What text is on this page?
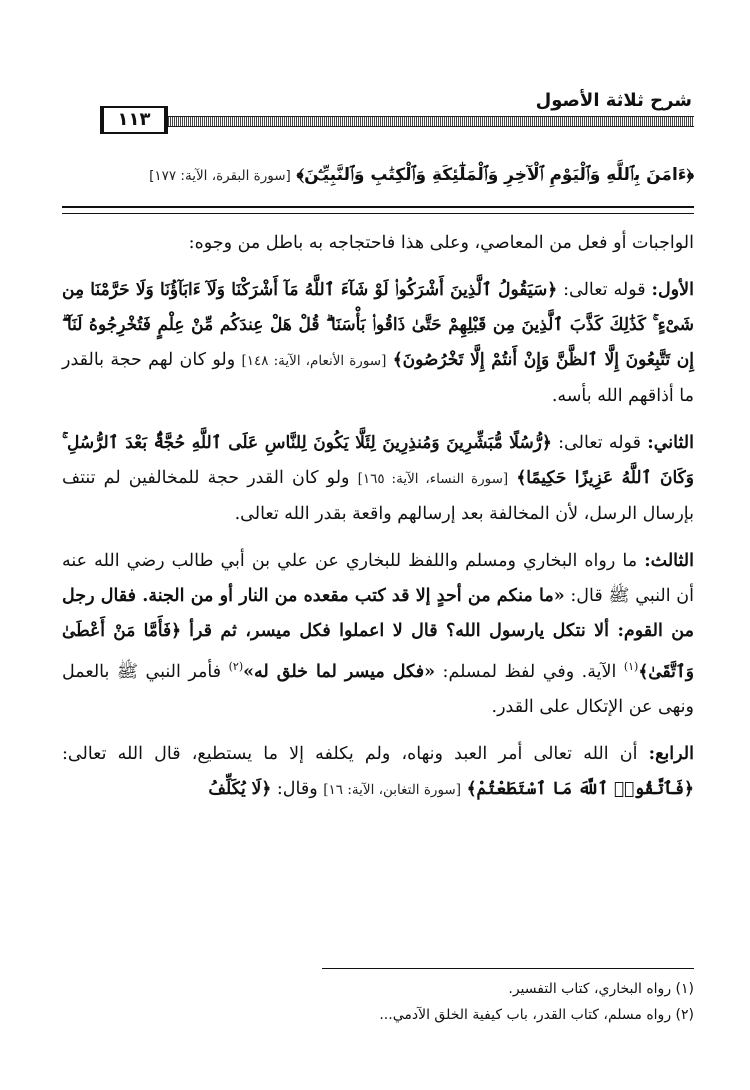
شرح ثلاثة الأصول
١١٣
﴿ءَامَنَ بِٱللَّهِ وَٱلْيَوْمِ ٱلْآخِرِ وَٱلْمَلَٰٓئِكَةِ وَٱلْكِتَٰبِ وَٱلنَّبِيِّـۧنَ﴾ [سورة البقرة، الآية: ١٧٧]

الواجبات أو فعل من المعاصي، وعلى هذا فاحتجاجه به باطل من وجوه:

الأول: قوله تعالى: ﴿سَيَقُولُ ٱلَّذِينَ أَشْرَكُوا۟ لَوْ شَآءَ ٱللَّهُ مَآ أَشْرَكْنَا وَلَآ ءَابَآؤُنَا وَلَا حَرَّمْنَا مِن شَىْءٍ ۚ كَذَٰلِكَ كَذَّبَ ٱلَّذِينَ مِن قَبْلِهِمْ حَتَّىٰ ذَاقُوا۟ بَأْسَنَا ۗ قُلْ هَلْ عِندَكُم مِّنْ عِلْمٍ فَتُخْرِجُوهُ لَنَآ ۖ إِن تَتَّبِعُونَ إِلَّا ٱلظَّنَّ وَإِنْ أَنتُمْ إِلَّا تَخْرُصُونَ﴾ [سورة الأنعام، الآية: ١٤٨] ولو كان لهم حجة بالقدر ما أذاقهم الله بأسه.

الثاني: قوله تعالى: ﴿رُّسُلًا مُّبَشِّرِينَ وَمُنذِرِينَ لِئَلَّا يَكُونَ لِلنَّاسِ عَلَى ٱللَّهِ حُجَّةٌۢ بَعْدَ ٱلرُّسُلِ ۚ وَكَانَ ٱللَّهُ عَزِيزًا حَكِيمًا﴾ [سورة النساء، الآية: ١٦٥] ولو كان القدر حجة للمخالفين لم تنتف بإرسال الرسل، لأن المخالفة بعد إرسالهم واقعة بقدر الله تعالى.

الثالث: ما رواه البخاري ومسلم واللفظ للبخاري عن علي بن أبي طالب رضي الله عنه أن النبي ﷺ قال: «ما منكم من أحدٍ إلا قد كتب مقعده من النار أو من الجنة. فقال رجل من القوم: ألا نتكل يارسول الله؟ قال لا اعملوا فكل ميسر، ثم قرأ ﴿فَأَمَّا مَنْ أَعْطَىٰ وَٱتَّقَىٰ﴾$^{(١)}$ الآية. وفي لفظ لمسلم: «فكل ميسر لما خلق له»$^{(٢)}$ فأمر النبي ﷺ بالعمل ونهى عن الإتكال على القدر.

الرابع: أن الله تعالى أمر العبد ونهاه، ولم يكلفه إلا ما يستطيع، قال الله تعالى: ﴿فَٱتَّقُوا۟ ٱللَّهَ مَا ٱسْتَطَعْتُمْ﴾ [سورة التغابن، الآية: ١٦] وقال: ﴿لَا يُكَلِّفُ

(١) رواه البخاري، كتاب التفسير.
(٢) رواه مسلم، كتاب القدر، باب كيفية الخلق الآدمي...
